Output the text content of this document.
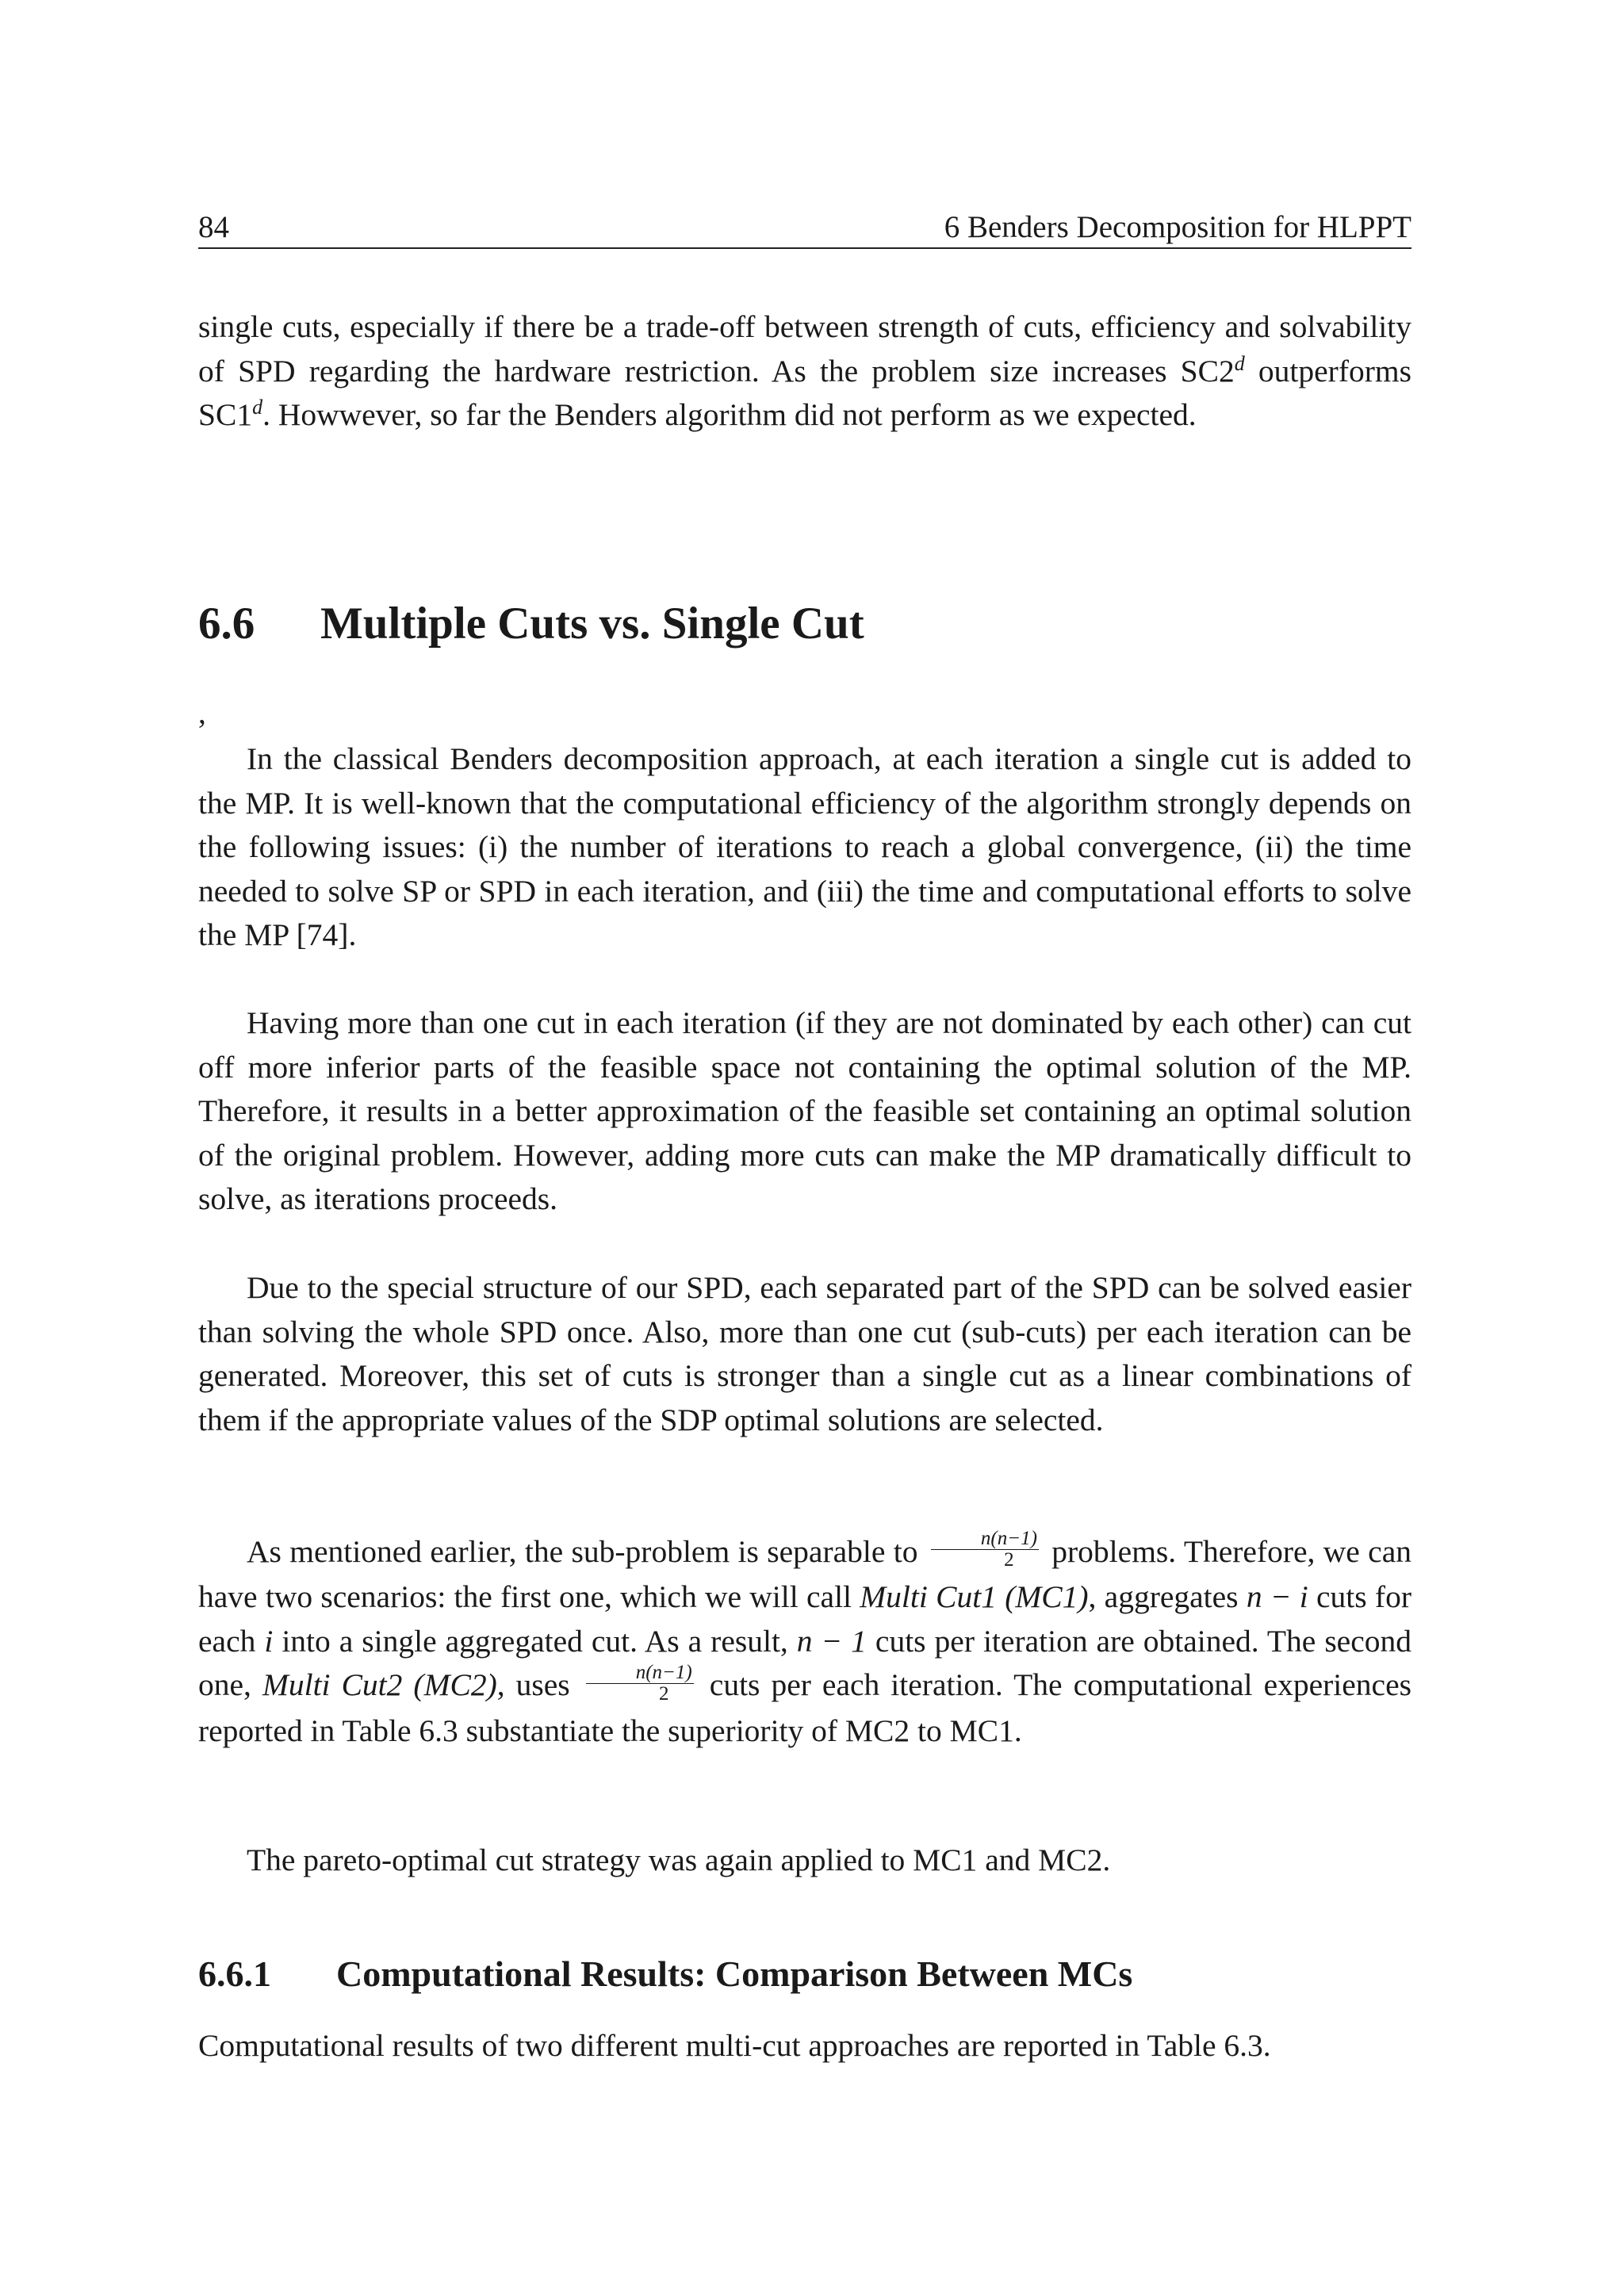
84	6 Benders Decomposition for HLPPT

single cuts, especially if there be a trade-off between strength of cuts, efficiency and solvability of SPD regarding the hardware restriction. As the problem size increases SC2$^d$ outperforms SC1$^d$. Howwever, so far the Benders algorithm did not perform as we expected.

6.6 Multiple Cuts vs. Single Cut
,

In the classical Benders decomposition approach, at each iteration a single cut is added to the MP. It is well-known that the computational efficiency of the algorithm strongly depends on the following issues: (i) the number of iterations to reach a global convergence, (ii) the time needed to solve SP or SPD in each iteration, and (iii) the time and computational efforts to solve the MP [74].

Having more than one cut in each iteration (if they are not dominated by each other) can cut off more inferior parts of the feasible space not containing the optimal solution of the MP. Therefore, it results in a better approximation of the feasible set containing an optimal solution of the original problem. However, adding more cuts can make the MP dramatically difficult to solve, as iterations proceeds.

Due to the special structure of our SPD, each separated part of the SPD can be solved easier than solving the whole SPD once. Also, more than one cut (sub-cuts) per each iteration can be generated. Moreover, this set of cuts is stronger than a single cut as a linear combinations of them if the appropriate values of the SDP optimal solutions are selected.

As mentioned earlier, the sub-problem is separable to $\frac{n(n-1)}{2}$ problems. Therefore, we can have two scenarios: the first one, which we will call Multi Cut1 (MC1), aggregates n − i cuts for each i into a single aggregated cut. As a result, n − 1 cuts per iteration are obtained. The second one, Multi Cut2 (MC2), uses $\frac{n(n-1)}{2}$ cuts per each iteration. The computational experiences reported in Table 6.3 substantiate the superiority of MC2 to MC1.

The pareto-optimal cut strategy was again applied to MC1 and MC2.

6.6.1 Computational Results: Comparison Between MCs

Computational results of two different multi-cut approaches are reported in Table 6.3.
